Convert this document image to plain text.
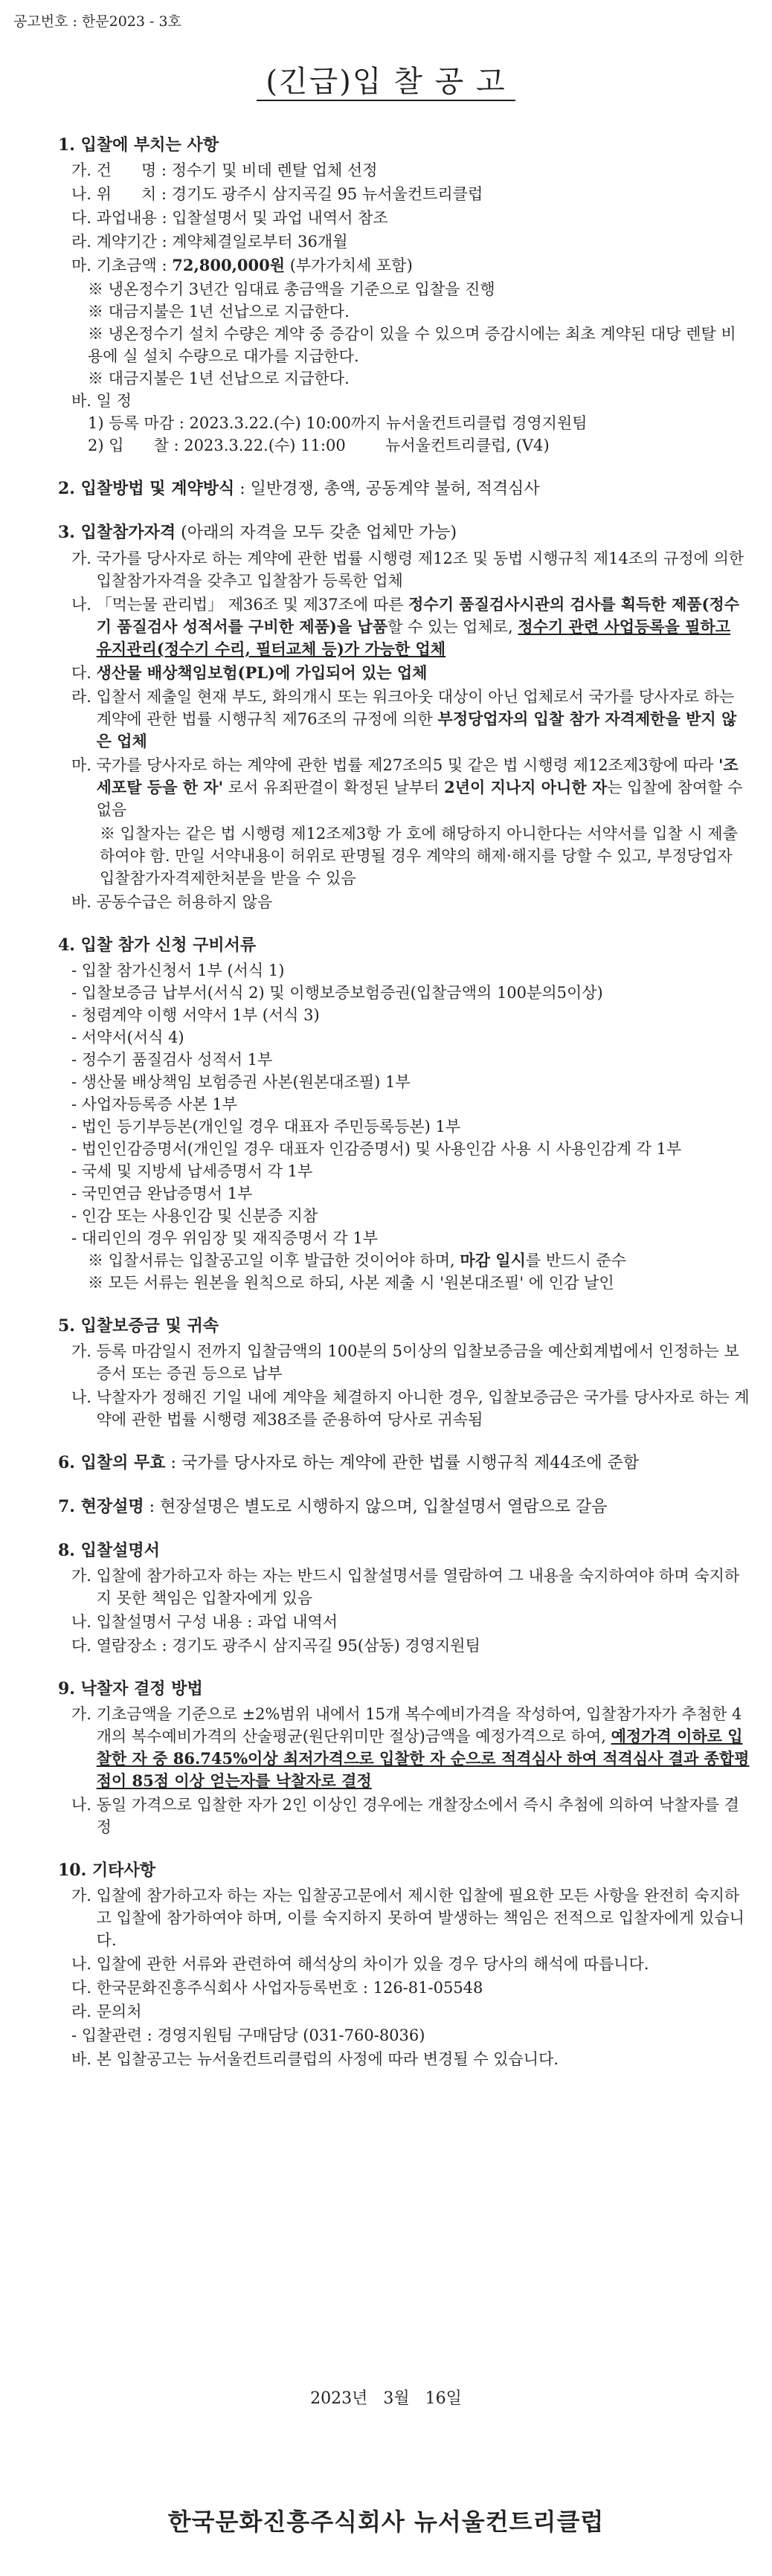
공고번호 : 한문2023 - 3호
(긴급)입 찰 공 고
1. 입찰에 부치는 사항
가. 건      명 : 정수기 및 비데 렌탈 업체 선정
나. 위      치 : 경기도 광주시 삼지곡길 95 뉴서울컨트리클럽
다. 과업내용 : 입찰설명서 및 과업 내역서 참조
라. 계약기간 : 계약체결일로부터 36개월
마. 기초금액 : 72,800,000원 (부가가치세 포함)
※ 냉온정수기 3년간 임대료 총금액을 기준으로 입찰을 진행
※ 대금지불은 1년 선납으로 지급한다.
※ 냉온정수기 설치 수량은 계약 중 증감이 있을 수 있으며 증감시에는 최초 계약된 대당 렌탈 비용에 실 설치 수량으로 대가를 지급한다.
※ 대금지불은 1년 선납으로 지급한다.
바. 일 정
1) 등록 마감 : 2023.3.22.(수) 10:00까지 뉴서울컨트리클럽 경영지원팀
2) 입      찰 : 2023.3.22.(수) 11:00        뉴서울컨트리클럽, (V4)
2. 입찰방법 및 계약방식 : 일반경쟁, 총액, 공동계약 불허, 적격심사
3. 입찰참가자격 (아래의 자격을 모두 갖춘 업체만 가능)
가. 국가를 당사자로 하는 계약에 관한 법률 시행령 제12조 및 동법 시행규칙 제14조의 규정에 의한 입찰참가자격을 갖추고 입찰참가 등록한 업체
나. 「먹는물 관리법」 제36조 및 제37조에 따른 정수기 품질검사시관의 검사를 획득한 제품(정수기 품질검사 성적서를 구비한 제품)을 납품할 수 있는 업체로, 정수기 관련 사업등록을 필하고 유지관리(정수기 수리, 필터교체 등)가 가능한 업체
다. 생산물 배상책임보험(PL)에 가입되어 있는 업체
라. 입찰서 제출일 현재 부도, 화의개시 또는 워크아웃 대상이 아닌 업체로서 국가를 당사자로 하는 계약에 관한 법률 시행규칙 제76조의 규정에 의한 부정당업자의 입찰 참가 자격제한을 받지 않은 업체
마. 국가를 당사자로 하는 계약에 관한 법률 제27조의5 및 같은 법 시행령 제12조제3항에 따라 '조세포탈 등을 한 자' 로서 유죄판결이 확정된 날부터 2년이 지나지 아니한 자는 입찰에 참여할 수 없음
※ 입찰자는 같은 법 시행령 제12조제3항 가 호에 해당하지 아니한다는 서약서를 입찰 시 제출하여야 함. 만일 서약내용이 허위로 판명될 경우 계약의 해제·해지를 당할 수 있고, 부정당업자 입찰참가자격제한처분을 받을 수 있음
바. 공동수급은 허용하지 않음
4. 입찰 참가 신청 구비서류
- 입찰 참가신청서 1부 (서식 1)
- 입찰보증금 납부서(서식 2) 및 이행보증보험증권(입찰금액의 100분의5이상)
- 청렴계약 이행 서약서 1부 (서식 3)
- 서약서(서식 4)
- 정수기 품질검사 성적서 1부
- 생산물 배상책임 보험증권 사본(원본대조필) 1부
- 사업자등록증 사본 1부
- 법인 등기부등본(개인일 경우 대표자 주민등록등본) 1부
- 법인인감증명서(개인일 경우 대표자 인감증명서) 및 사용인감 사용 시 사용인감계 각 1부
- 국세 및 지방세 납세증명서 각 1부
- 국민연금 완납증명서 1부
- 인감 또는 사용인감 및 신분증 지참
- 대리인의 경우 위임장 및 재직증명서 각 1부
※ 입찰서류는 입찰공고일 이후 발급한 것이어야 하며, 마감 일시를 반드시 준수
※ 모든 서류는 원본을 원칙으로 하되, 사본 제출 시 '원본대조필' 에 인감 날인
5. 입찰보증금 및 귀속
가. 등록 마감일시 전까지 입찰금액의 100분의 5이상의 입찰보증금을 예산회계법에서 인정하는 보증서 또는 증권 등으로 납부
나. 낙찰자가 정해진 기일 내에 계약을 체결하지 아니한 경우, 입찰보증금은 국가를 당사자로 하는 계약에 관한 법률 시행령 제38조를 준용하여 당사로 귀속됨
6. 입찰의 무효 : 국가를 당사자로 하는 계약에 관한 법률 시행규칙 제44조에 준함
7. 현장설명 : 현장설명은 별도로 시행하지 않으며, 입찰설명서 열람으로 갈음
8. 입찰설명서
가. 입찰에 참가하고자 하는 자는 반드시 입찰설명서를 열람하여 그 내용을 숙지하여야 하며 숙지하지 못한 책임은 입찰자에게 있음
나. 입찰설명서 구성 내용 : 과업 내역서
다. 열람장소 : 경기도 광주시 삼지곡길 95(삼동) 경영지원팀
9. 낙찰자 결정 방법
가. 기초금액을 기준으로 ±2%범위 내에서 15개 복수예비가격을 작성하여, 입찰참가자가 추첨한 4개의 복수예비가격의 산술평균(원단위미만 절상)금액을 예정가격으로 하여, 예정가격 이하로 입찰한 자 중 86.745%이상 최저가격으로 입찰한 자 순으로 적격심사 하여 적격심사 결과 종합평점이 85점 이상 얻는자를 낙찰자로 결정
나. 동일 가격으로 입찰한 자가 2인 이상인 경우에는 개찰장소에서 즉시 추첨에 의하여 낙찰자를 결정
10. 기타사항
가. 입찰에 참가하고자 하는 자는 입찰공고문에서 제시한 입찰에 필요한 모든 사항을 완전히 숙지하고 입찰에 참가하여야 하며, 이를 숙지하지 못하여 발생하는 책임은 전적으로 입찰자에게 있습니다.
나. 입찰에 관한 서류와 관련하여 해석상의 차이가 있을 경우 당사의 해석에 따릅니다.
다. 한국문화진흥주식회사 사업자등록번호 : 126-81-05548
라. 문의처
- 입찰관련 : 경영지원팀 구매담당 (031-760-8036)
바. 본 입찰공고는 뉴서울컨트리클럽의 사정에 따라 변경될 수 있습니다.
2023년   3월   16일
한국문화진흥주식회사 뉴서울컨트리클럽
